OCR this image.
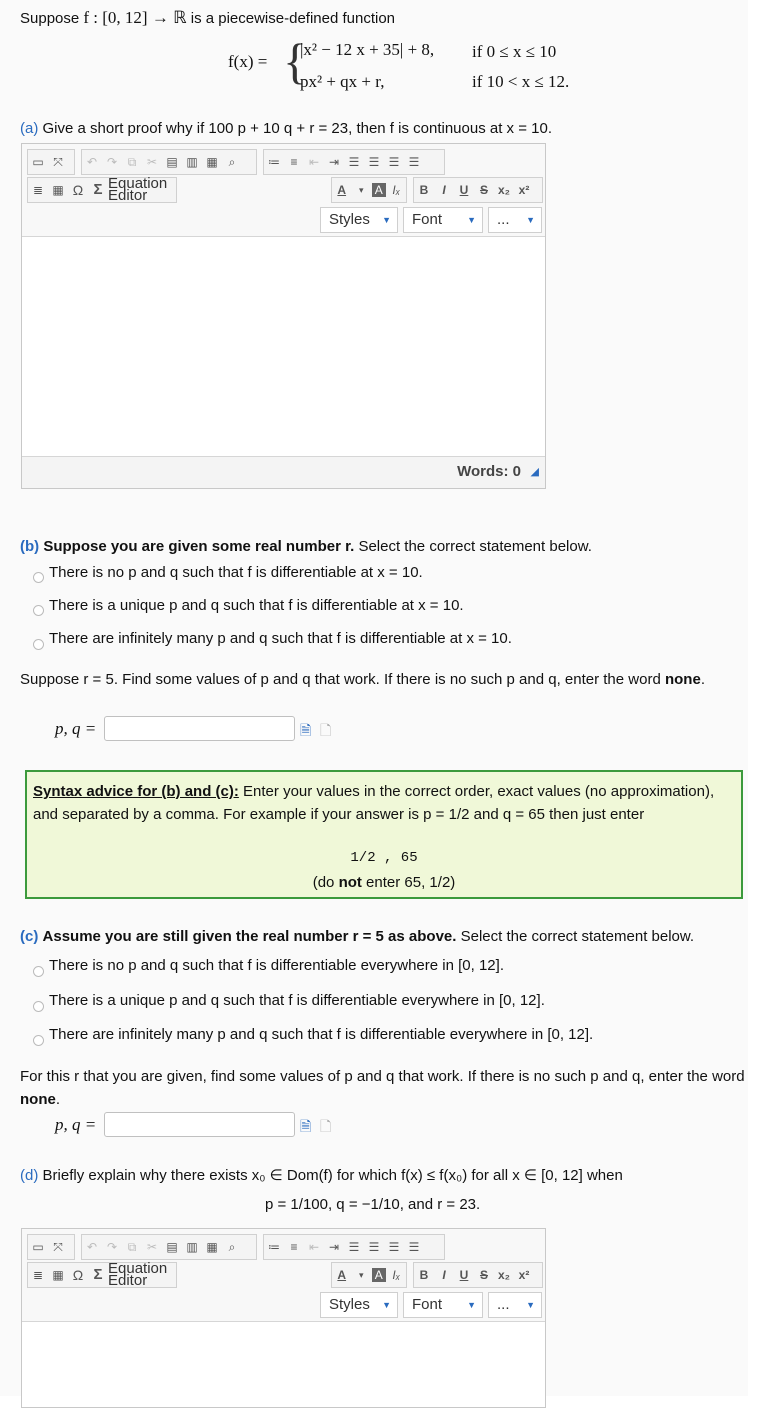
Suppose f : [0, 12] → ℝ is a piecewise-defined function
f(x) = {
|x² − 12 x + 35| + 8, if 0 ≤ x ≤ 10
px² + qx + r,	if 10 < x ≤ 12.
(a) Give a short proof why if 100 p + 10 q + r = 23, then f is continuous at x = 10.
▭ ⤧	↶ ↷ ⧉ ✂ ▤ ▥ ▦ ⌕	≔ ≡ ⇤ ⇥ ☰ ☰ ☰ ☰
≣ ▦ Ω Σ Equation
Editor	A	▾ A Iₓ	B	I	U S x₂ x²
Styles ▼	Font	▼	... ▼
Words: 0 ◢
(b) Suppose you are given some real number r. Select the correct statement below.
There is no p and q such that f is differentiable at x = 10.
There is a unique p and q such that f is differentiable at x = 10.
There are infinitely many p and q such that f is differentiable at x = 10.
Suppose r = 5. Find some values of p and q that work. If there is no such p and q, enter the word none.
p, q =	🗎 🗋
Syntax advice for (b) and (c): Enter your values in the correct order, exact values (no approximation), and separated by a comma. For example if your answer is p = 1/2 and q = 65 then just enter
1/2 , 65
(do not enter 65, 1/2)
(c) Assume you are still given the real number r = 5 as above. Select the correct statement below.
There is no p and q such that f is differentiable everywhere in [0, 12].
There is a unique p and q such that f is differentiable everywhere in [0, 12].
There are infinitely many p and q such that f is differentiable everywhere in [0, 12].
For this r that you are given, find some values of p and q that work. If there is no such p and q, enter the word none.
p, q =	🗎 🗋
(d) Briefly explain why there exists x₀ ∈ Dom(f) for which f(x) ≤ f(x₀) for all x ∈ [0, 12] when
p = 1/100, q = −1/10, and r = 23.
▭ ⤧	↶ ↷ ⧉ ✂ ▤ ▥ ▦ ⌕	≔ ≡ ⇤ ⇥ ☰ ☰ ☰ ☰
≣ ▦ Ω Σ Equation
Editor	A	▾ A Iₓ	B	I	U S x₂ x²
Styles ▼	Font	▼	... ▼
